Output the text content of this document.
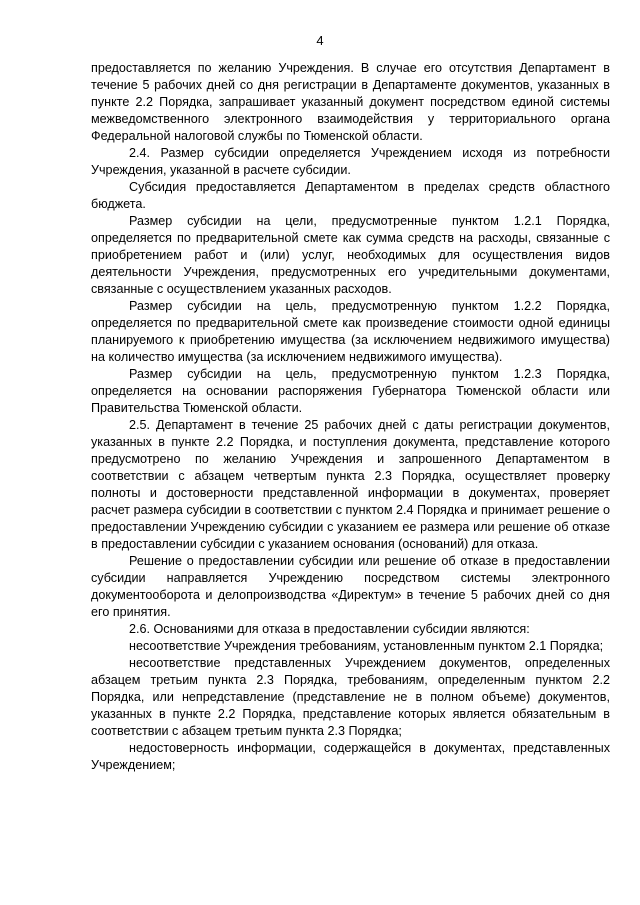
4

предоставляется по желанию Учреждения. В случае его отсутствия Департамент в течение 5 рабочих дней со дня регистрации в Департаменте документов, указанных в пункте 2.2 Порядка, запрашивает указанный документ посредством единой системы межведомственного электронного взаимодействия у территориального органа Федеральной налоговой службы по Тюменской области.

2.4. Размер субсидии определяется Учреждением исходя из потребности Учреждения, указанной в расчете субсидии.

Субсидия предоставляется Департаментом в пределах средств областного бюджета.

Размер субсидии на цели, предусмотренные пунктом 1.2.1 Порядка, определяется по предварительной смете как сумма средств на расходы, связанные с приобретением работ и (или) услуг, необходимых для осуществления видов деятельности Учреждения, предусмотренных его учредительными документами, связанные с осуществлением указанных расходов.

Размер субсидии на цель, предусмотренную пунктом 1.2.2 Порядка, определяется по предварительной смете как произведение стоимости одной единицы планируемого к приобретению имущества (за исключением недвижимого имущества) на количество имущества (за исключением недвижимого имущества).

Размер субсидии на цель, предусмотренную пунктом 1.2.3 Порядка, определяется на основании распоряжения Губернатора Тюменской области или Правительства Тюменской области.

2.5. Департамент в течение 25 рабочих дней с даты регистрации документов, указанных в пункте 2.2 Порядка, и поступления документа, представление которого предусмотрено по желанию Учреждения и запрошенного Департаментом в соответствии с абзацем четвертым пункта 2.3 Порядка, осуществляет проверку полноты и достоверности представленной информации в документах, проверяет расчет размера субсидии в соответствии с пунктом 2.4 Порядка и принимает решение о предоставлении Учреждению субсидии с указанием ее размера или решение об отказе в предоставлении субсидии с указанием основания (оснований) для отказа.

Решение о предоставлении субсидии или решение об отказе в предоставлении субсидии направляется Учреждению посредством системы электронного документооборота и делопроизводства «Директум» в течение 5 рабочих дней со дня его принятия.

2.6. Основаниями для отказа в предоставлении субсидии являются:

несоответствие Учреждения требованиям, установленным пунктом 2.1 Порядка;

несоответствие представленных Учреждением документов, определенных абзацем третьим пункта 2.3 Порядка, требованиям, определенным пунктом 2.2 Порядка, или непредставление (представление не в полном объеме) документов, указанных в пункте 2.2 Порядка, представление которых является обязательным в соответствии с абзацем третьим пункта 2.3 Порядка;

недостоверность информации, содержащейся в документах, представленных Учреждением;
